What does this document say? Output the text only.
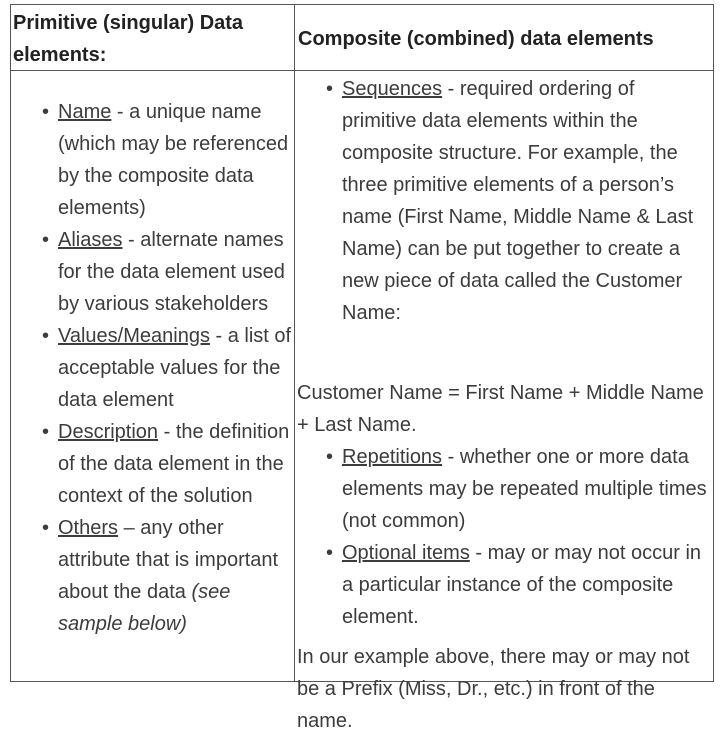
Primitive (singular) Data elements:
Composite (combined) data elements
• Name - a unique name (which may be referenced by the composite data elements)
• Aliases - alternate names for the data element used by various stakeholders
• Values/Meanings - a list of acceptable values for the data element
• Description - the definition of the data element in the context of the solution
• Others – any other attribute that is important about the data (see sample below)
• Sequences - required ordering of primitive data elements within the composite structure. For example, the three primitive elements of a person’s name (First Name, Middle Name & Last Name) can be put together to create a new piece of data called the Customer Name:

Customer Name = First Name + Middle Name + Last Name.

• Repetitions - whether one or more data elements may be repeated multiple times (not common)
• Optional items - may or may not occur in a particular instance of the composite element.

In our example above, there may or may not be a Prefix (Miss, Dr., etc.) in front of the name.
